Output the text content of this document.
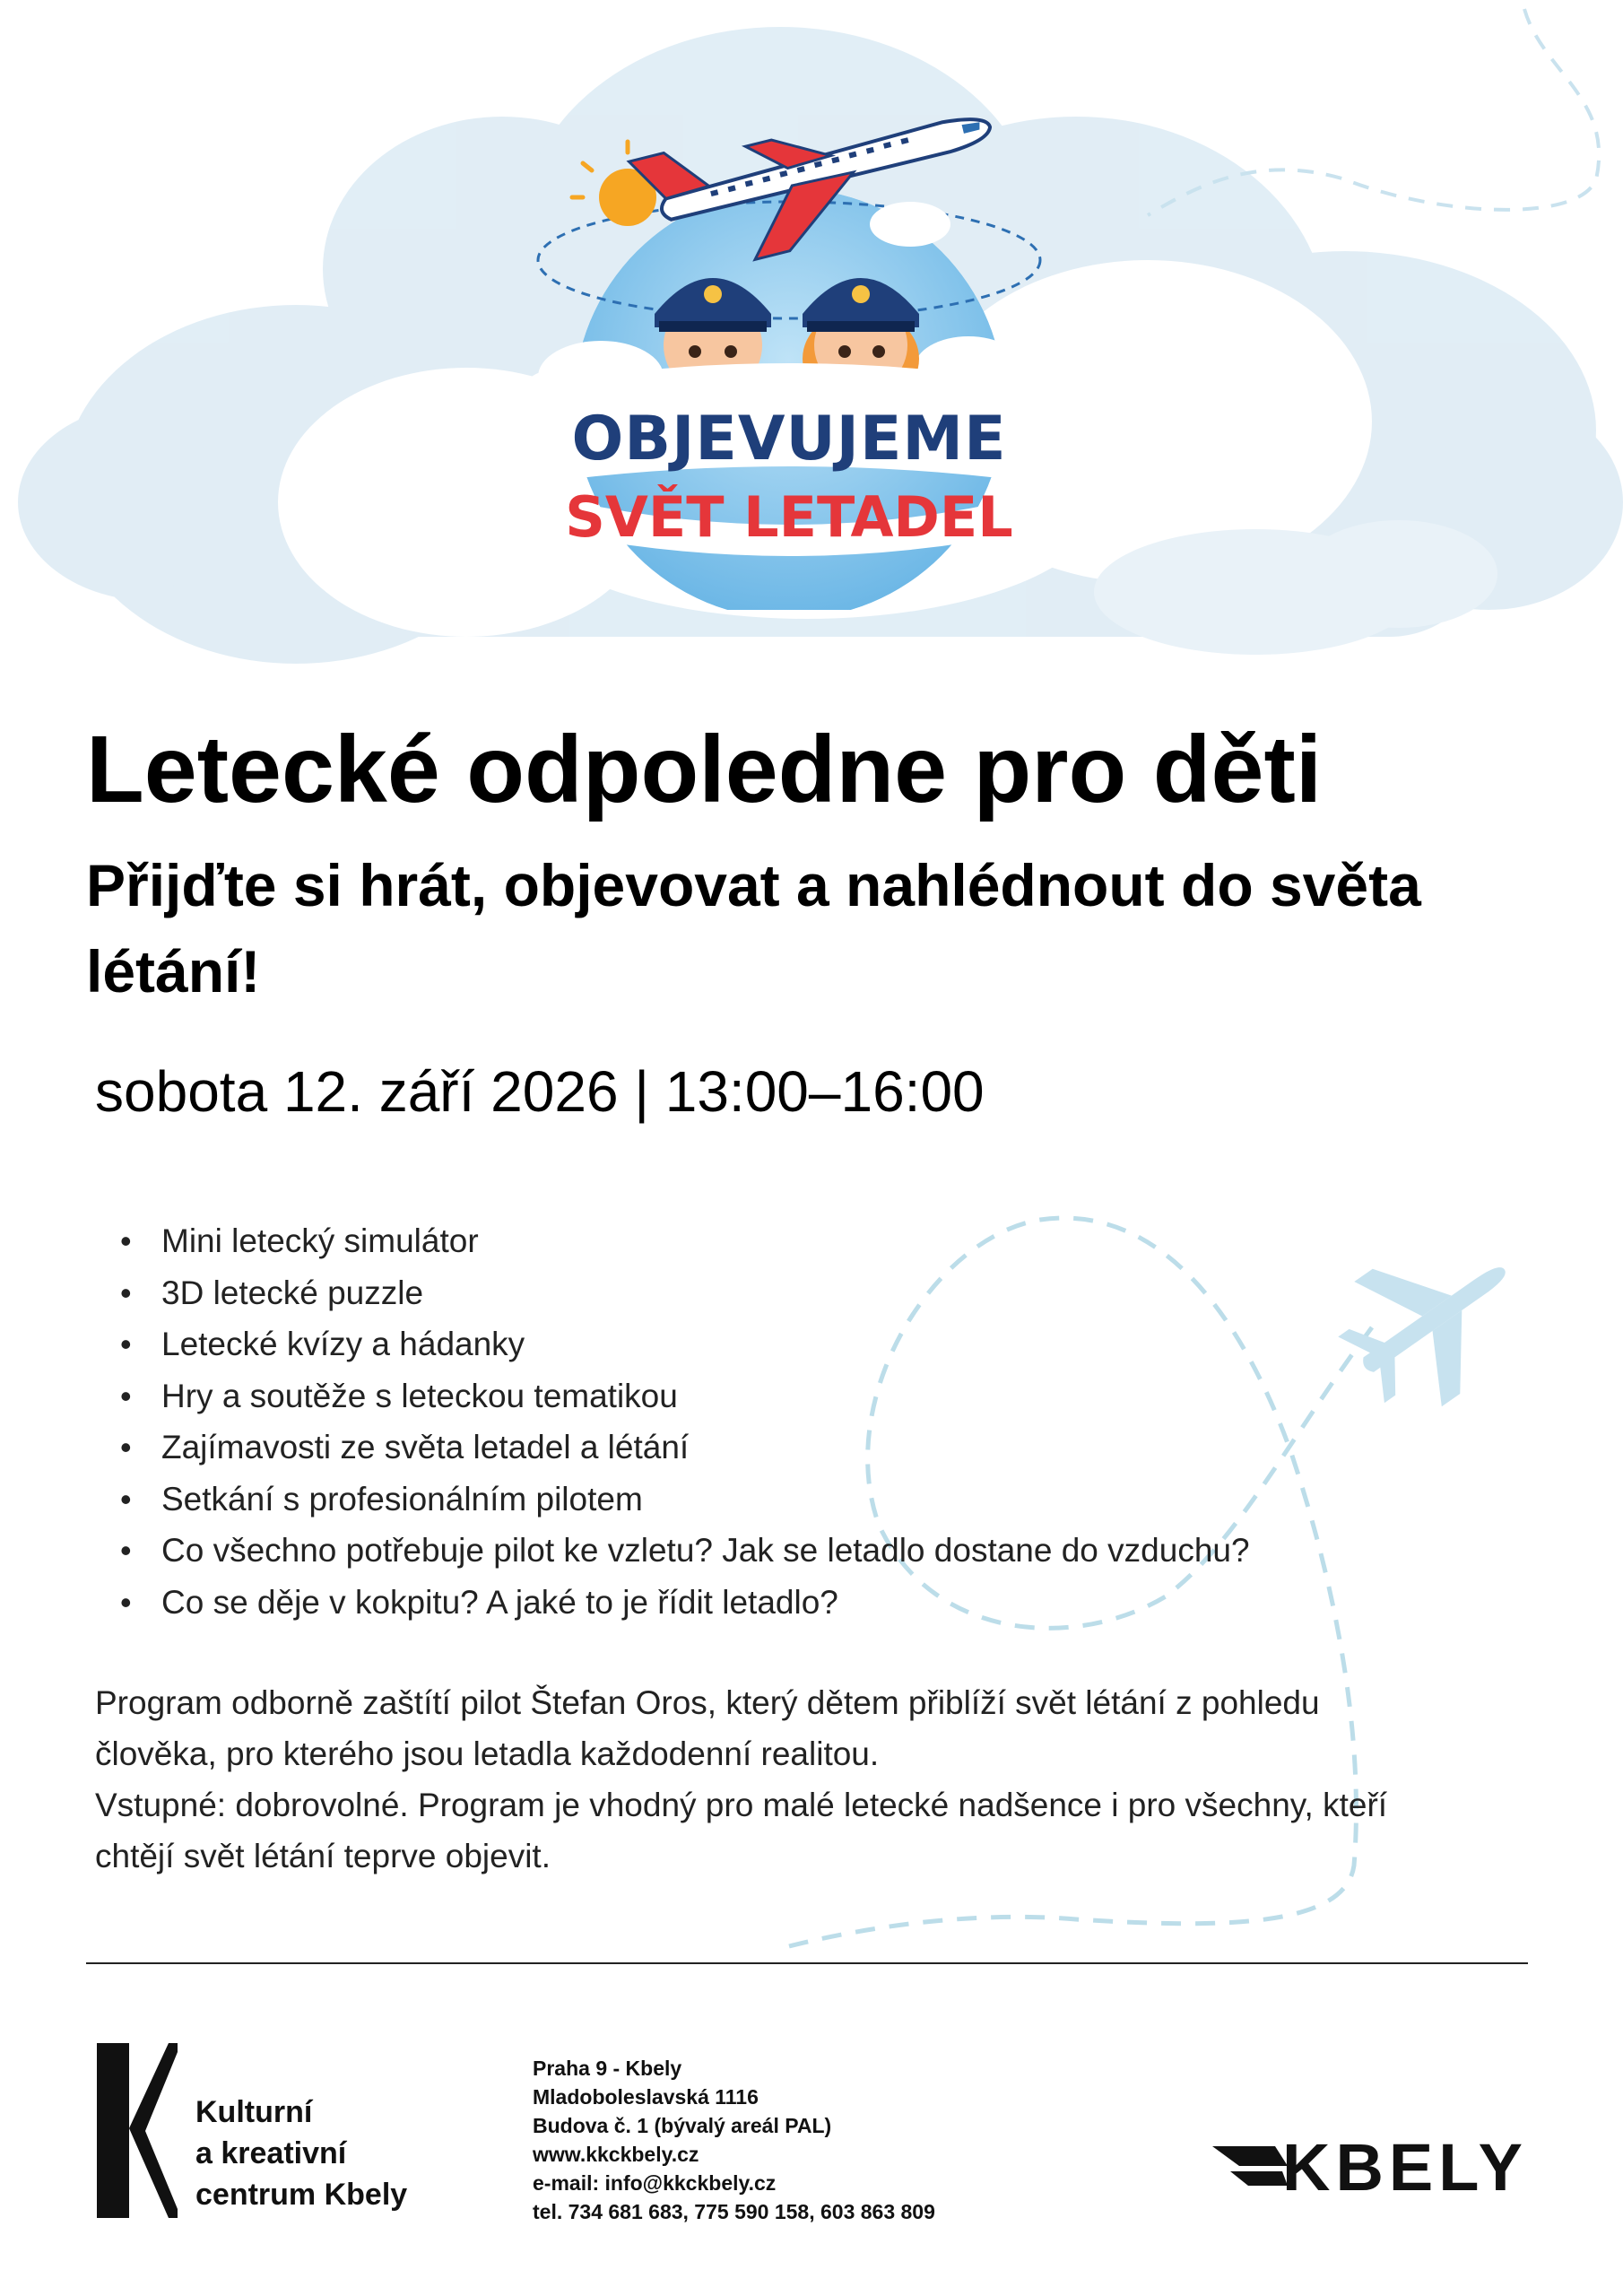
OBJEVUJEME
SVĚT LETADEL
Letecké odpoledne pro děti
Přijďte si hrát, objevovat a nahlédnout do světa létání!

sobota 12. září 2026 | 13:00–16:00

• Mini letecký simulátor
• 3D letecké puzzle
• Letecké kvízy a hádanky
• Hry a soutěže s leteckou tematikou
• Zajímavosti ze světa letadel a létání
• Setkání s profesionálním pilotem
• Co všechno potřebuje pilot ke vzletu? Jak se letadlo dostane do vzduchu?
• Co se děje v kokpitu? A jaké to je řídit letadlo?

Program odborně zaštítí pilot Štefan Oros, který dětem přiblíží svět létání z pohledu člověka, pro kterého jsou letadla každodenní realitou.

Vstupné: dobrovolné. Program je vhodný pro malé letecké nadšence i pro všechny, kteří chtějí svět létání teprve objevit.

Kulturní
a kreativní
centrum Kbely
Praha 9 - Kbely
Mladoboleslavská 1116
Budova č. 1 (bývalý areál PAL)
www.kkckbely.cz
e-mail: info@kkckbely.cz
tel. 734 681 683, 775 590 158, 603 863 809
KBELY
